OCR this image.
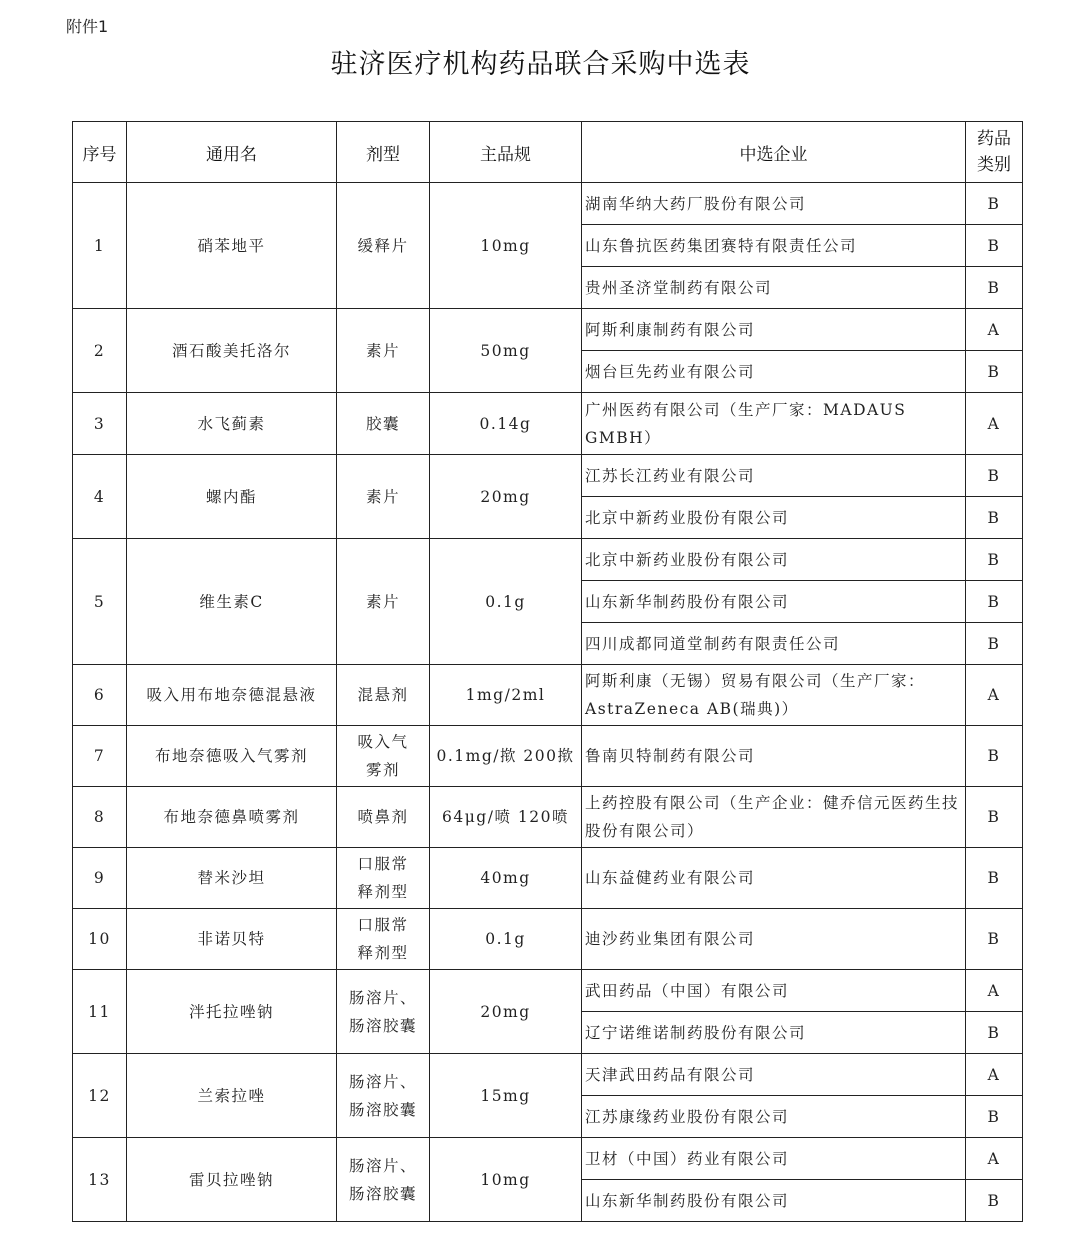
附件1
驻济医疗机构药品联合采购中选表
序号	通用名	剂型	主品规	中选企业	药品类别
1	硝苯地平	缓释片	10mg	湖南华纳大药厂股份有限公司	B
				山东鲁抗医药集团赛特有限责任公司	B
				贵州圣济堂制药有限公司	B
2	酒石酸美托洛尔	素片	50mg	阿斯利康制药有限公司	A
				烟台巨先药业有限公司	B
3	水飞蓟素	胶囊	0.14g	广州医药有限公司（生产厂家：MADAUS GMBH）	A
4	螺内酯	素片	20mg	江苏长江药业有限公司	B
				北京中新药业股份有限公司	B
5	维生素C	素片	0.1g	北京中新药业股份有限公司	B
				山东新华制药股份有限公司	B
				四川成都同道堂制药有限责任公司	B
6	吸入用布地奈德混悬液	混悬剂	1mg/2ml	阿斯利康（无锡）贸易有限公司（生产厂家：AstraZeneca AB(瑞典)）	A
7	布地奈德吸入气雾剂	吸入气雾剂	0.1mg/揿 200揿	鲁南贝特制药有限公司	B
8	布地奈德鼻喷雾剂	喷鼻剂	64μg/喷 120喷	上药控股有限公司（生产企业：健乔信元医药生技股份有限公司）	B
9	替米沙坦	口服常释剂型	40mg	山东益健药业有限公司	B
10	非诺贝特	口服常释剂型	0.1g	迪沙药业集团有限公司	B
11	泮托拉唑钠	肠溶片、肠溶胶囊	20mg	武田药品（中国）有限公司	A
				辽宁诺维诺制药股份有限公司	B
12	兰索拉唑	肠溶片、肠溶胶囊	15mg	天津武田药品有限公司	A
				江苏康缘药业股份有限公司	B
13	雷贝拉唑钠	肠溶片、肠溶胶囊	10mg	卫材（中国）药业有限公司	A
				山东新华制药股份有限公司	B
